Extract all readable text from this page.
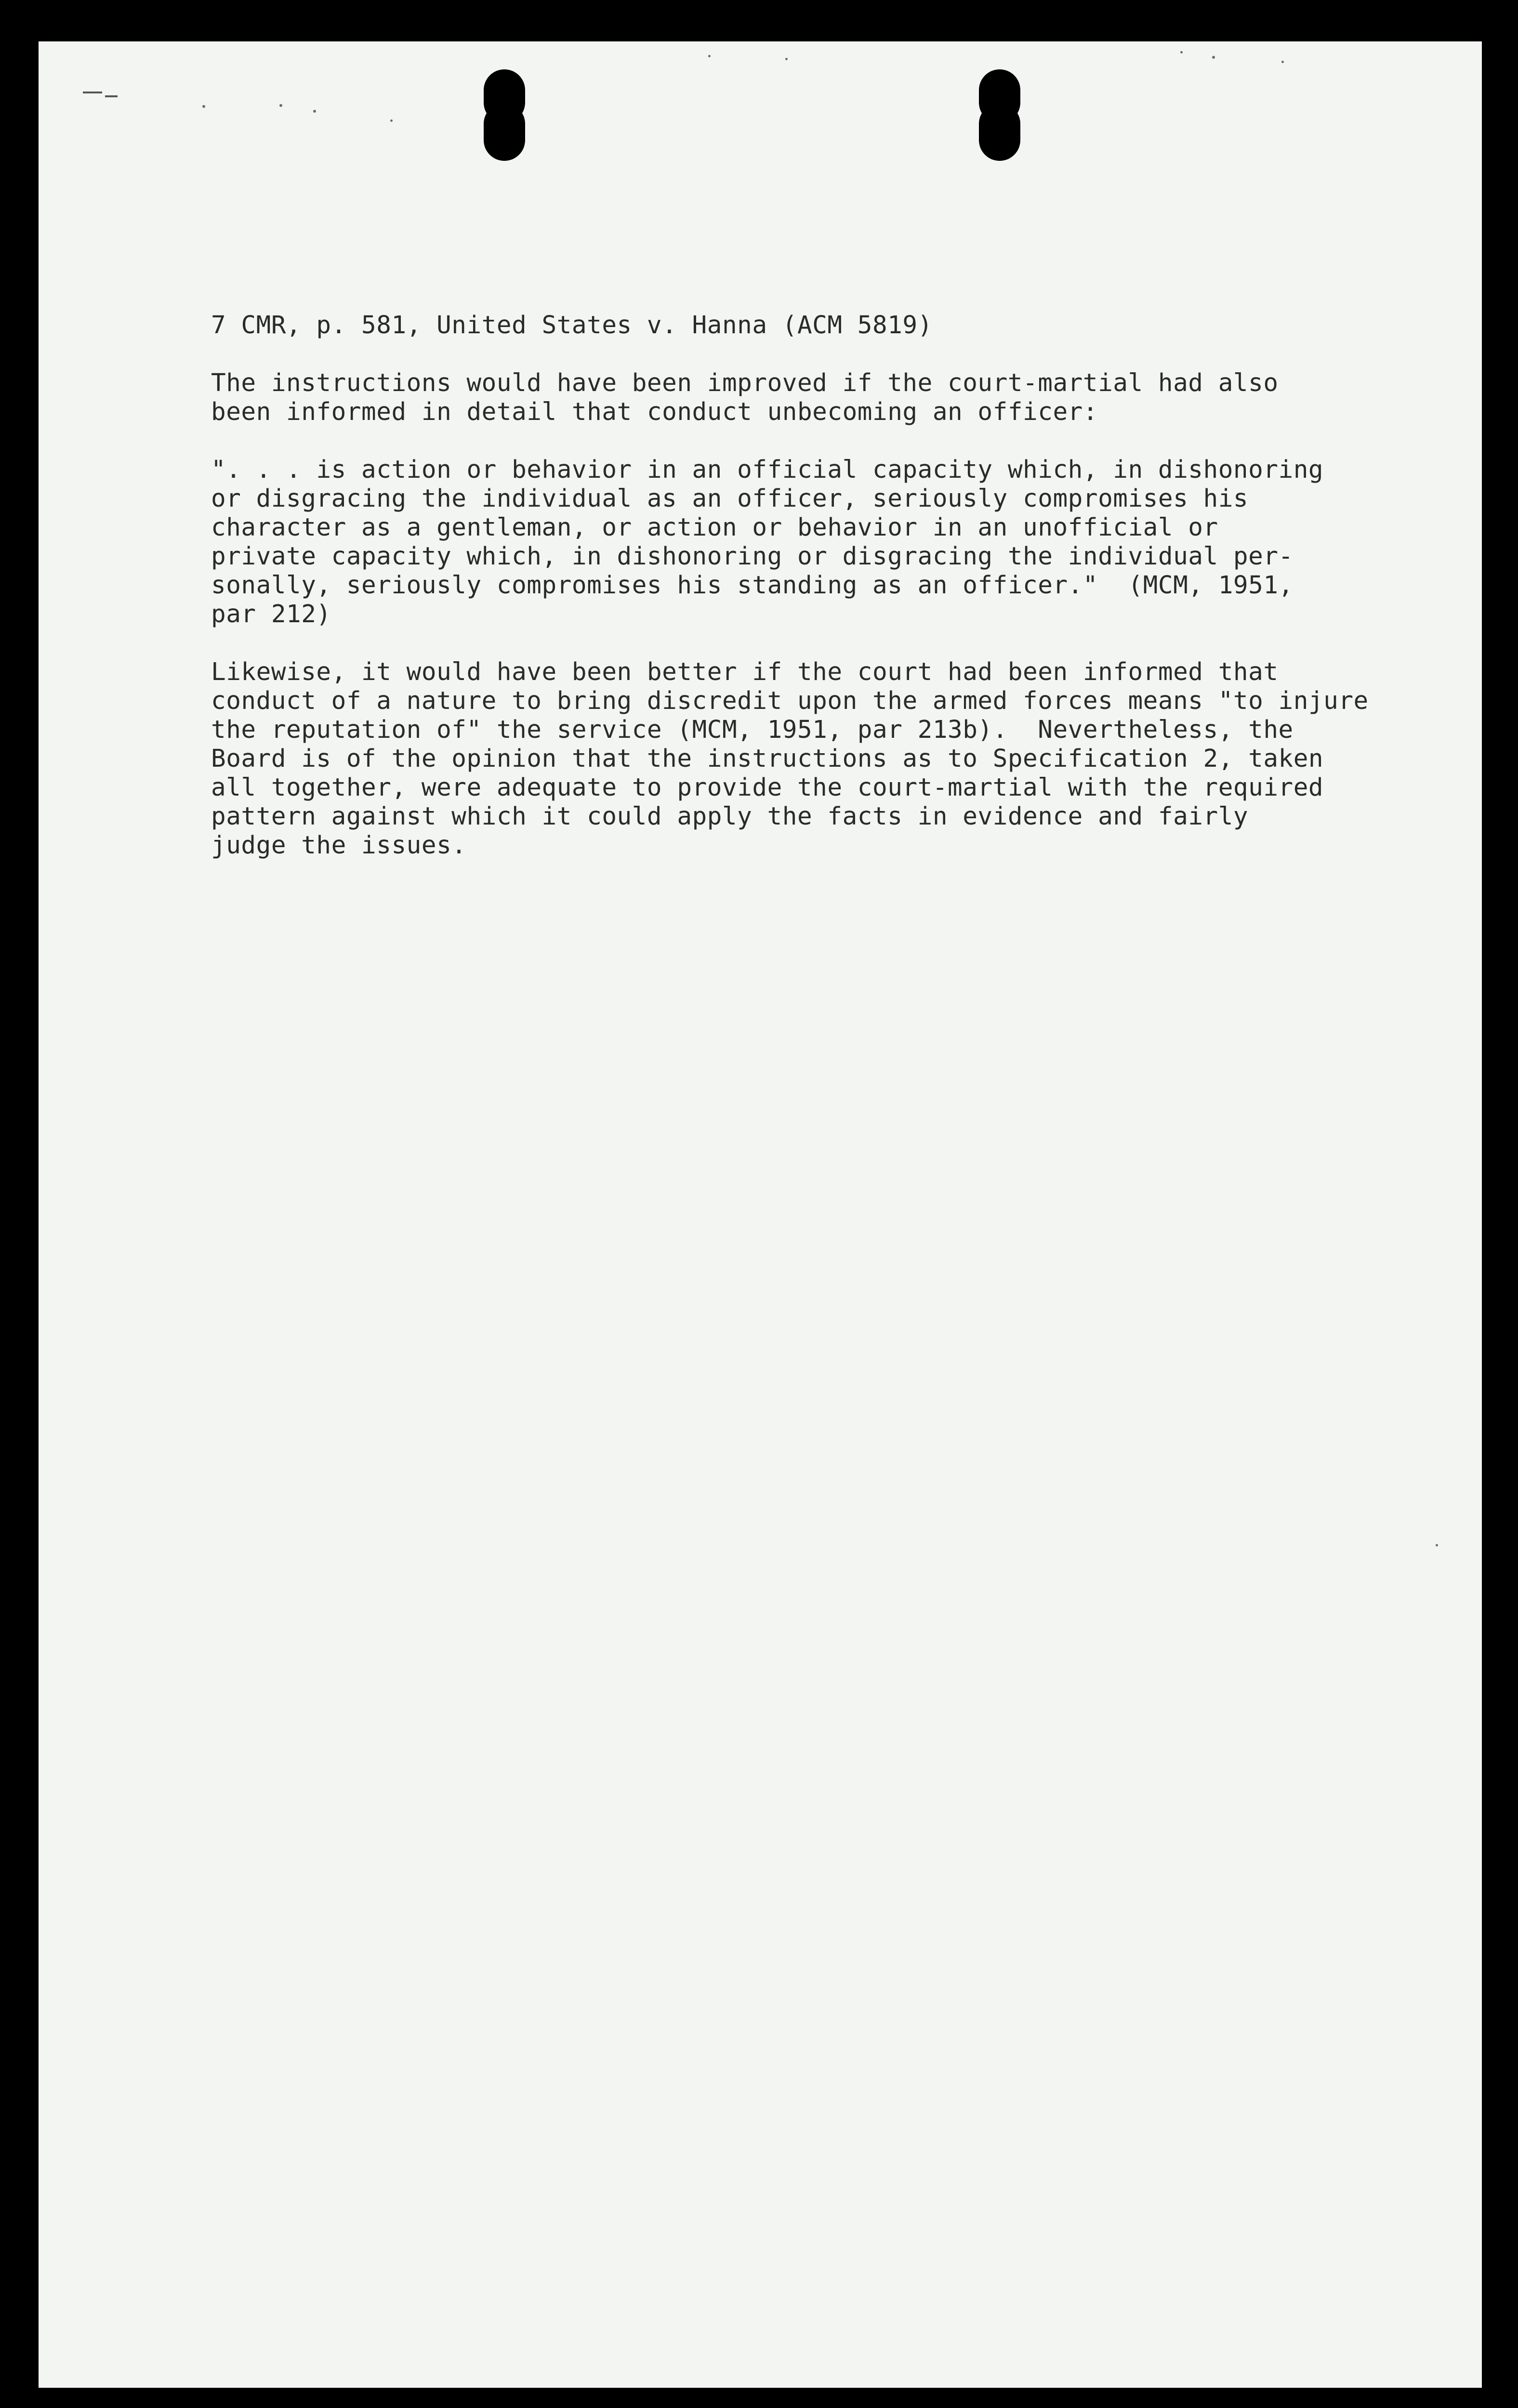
7 CMR, p. 581, United States v. Hanna (ACM 5819)
The instructions would have been improved if the court-martial had also
been informed in detail that conduct unbecoming an officer:
". . . is action or behavior in an official capacity which, in dishonoring
or disgracing the individual as an officer, seriously compromises his
character as a gentleman, or action or behavior in an unofficial or
private capacity which, in dishonoring or disgracing the individual per-
sonally, seriously compromises his standing as an officer."  (MCM, 1951,
par 212)
Likewise, it would have been better if the court had been informed that
conduct of a nature to bring discredit upon the armed forces means "to injure
the reputation of" the service (MCM, 1951, par 213b).  Nevertheless, the
Board is of the opinion that the instructions as to Specification 2, taken
all together, were adequate to provide the court-martial with the required
pattern against which it could apply the facts in evidence and fairly
judge the issues.
